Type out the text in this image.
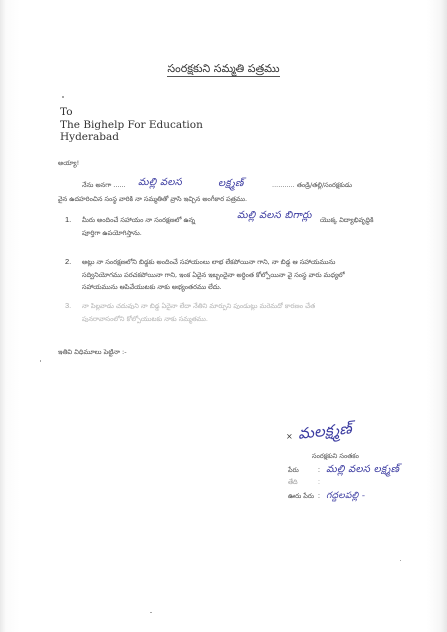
సంరక్షకుని సమ్మతి పత్రము
To
The Bighelp For Education
Hyderabad
అయ్యా!
నేను అనగా ...... మల్లి వలస	లక్ష్మణ్	........... తండ్రి/తల్లి/సంరక్షకుడు
వైన ఉదహరించిన సంస్థ వారికి నా సమ్మతితో వ్రాసి ఇచ్చిన అంగీకార పత్రము.
1. మీరు అందించే సహాయం నా సంరక్షణలో ఉన్న	మల్లి వలస బిగార్లు యొక్క విద్యాభివృద్ధికి
పూర్తిగా ఉపయోగిస్తాను.
2. అట్లు నా సంరక్షణలోని బిడ్డకు అందించే సహాయంలు లాభ లేకపోయినా గాని, నా బిడ్డ ఆ సహాయమును
సద్వినియోగము పరచకపోయినా గాని, ఇంక ఏదైన ఇబ్బందైనా అర్ధింత కోల్పోయినా వై సంస్థ వారు మధ్యలో
సహాయమును ఆపివేయుటకు నాకు అభ్యంతరము లేదు.
3. నా పిల్లవాడు చదువుని నా బిడ్డ ఏదైనా లేదా నేతిని మార్పుని పుండుట్లు మరెమదో కారణం చేత
పునరావాసంలోని కోల్పోయుటకు నాకు సమ్మతము.
ఇతివి విధిమూలు పెట్టినా :-
× మలక్ష్మణ్
సంరక్షకుని సంతకం
పేరు	: మల్లి వలస లక్ష్మణ్
తేది	:
ఊరు పేరు : గద్దలపల్లి -
